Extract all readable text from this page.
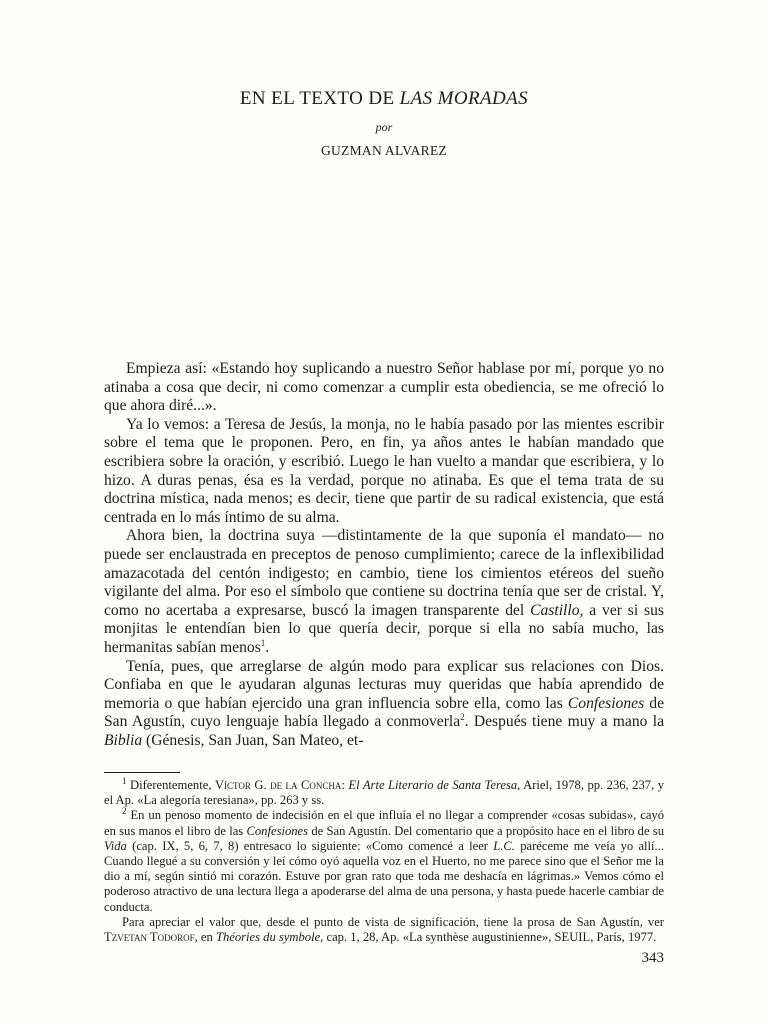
EN EL TEXTO DE LAS MORADAS
por
GUZMAN ALVAREZ

Empieza así: «Estando hoy suplicando a nuestro Señor hablase por mí, porque yo no atinaba a cosa que decir, ni como comenzar a cumplir esta obediencia, se me ofreció lo que ahora diré...».

Ya lo vemos: a Teresa de Jesús, la monja, no le había pasado por las mientes escribir sobre el tema que le proponen. Pero, en fin, ya años antes le habían mandado que escribiera sobre la oración, y escribió. Luego le han vuelto a mandar que escribiera, y lo hizo. A duras penas, ésa es la verdad, porque no atinaba. Es que el tema trata de su doctrina mística, nada menos; es decir, tiene que partir de su radical existencia, que está centrada en lo más íntimo de su alma.

Ahora bien, la doctrina suya —distintamente de la que suponía el mandato— no puede ser enclaustrada en preceptos de penoso cumplimiento; carece de la inflexibilidad amazacotada del centón indigesto; en cambio, tiene los cimientos etéreos del sueño vigilante del alma. Por eso el símbolo que contiene su doctrina tenía que ser de cristal. Y, como no acertaba a expresarse, buscó la imagen transparente del Castillo, a ver si sus monjitas le entendían bien lo que quería decir, porque si ella no sabía mucho, las hermanitas sabían menos$^1$.

Tenía, pues, que arreglarse de algún modo para explicar sus relaciones con Dios. Confiaba en que le ayudaran algunas lecturas muy queridas que había aprendido de memoria o que habían ejercido una gran influencia sobre ella, como las Confesiones de San Agustín, cuyo lenguaje había llegado a conmoverla$^2$. Después tiene muy a mano la Biblia (Génesis, San Juan, San Mateo, et-

$^1$ Diferentemente, Víctor G. de la Concha: El Arte Literario de Santa Teresa, Ariel, 1978, pp. 236, 237, y el Ap. «La alegoría teresiana», pp. 263 y ss.

$^2$ En un penoso momento de indecisión en el que influía el no llegar a comprender «cosas subidas», cayó en sus manos el libro de las Confesiones de San Agustín. Del comentario que a propósito hace en el libro de su Vida (cap. IX, 5, 6, 7, 8) entresaco lo siguiente: «Como comencé a leer L.C. paréceme me veía yo allí... Cuando llegué a su conversión y leí cómo oyó aquella voz en el Huerto, no me parece sino que el Señor me la dio a mí, según sintió mi corazón. Estuve por gran rato que toda me deshacía en lágrimas.» Vemos cómo el poderoso atractivo de una lectura llega a apoderarse del alma de una persona, y hasta puede hacerle cambiar de conducta.

Para apreciar el valor que, desde el punto de vista de significación, tiene la prosa de San Agustín, ver Tzvetan Todorof, en Théories du symbole, cap. 1, 28, Ap. «La synthèse augustinienne», SEUIL, París, 1977.

343
